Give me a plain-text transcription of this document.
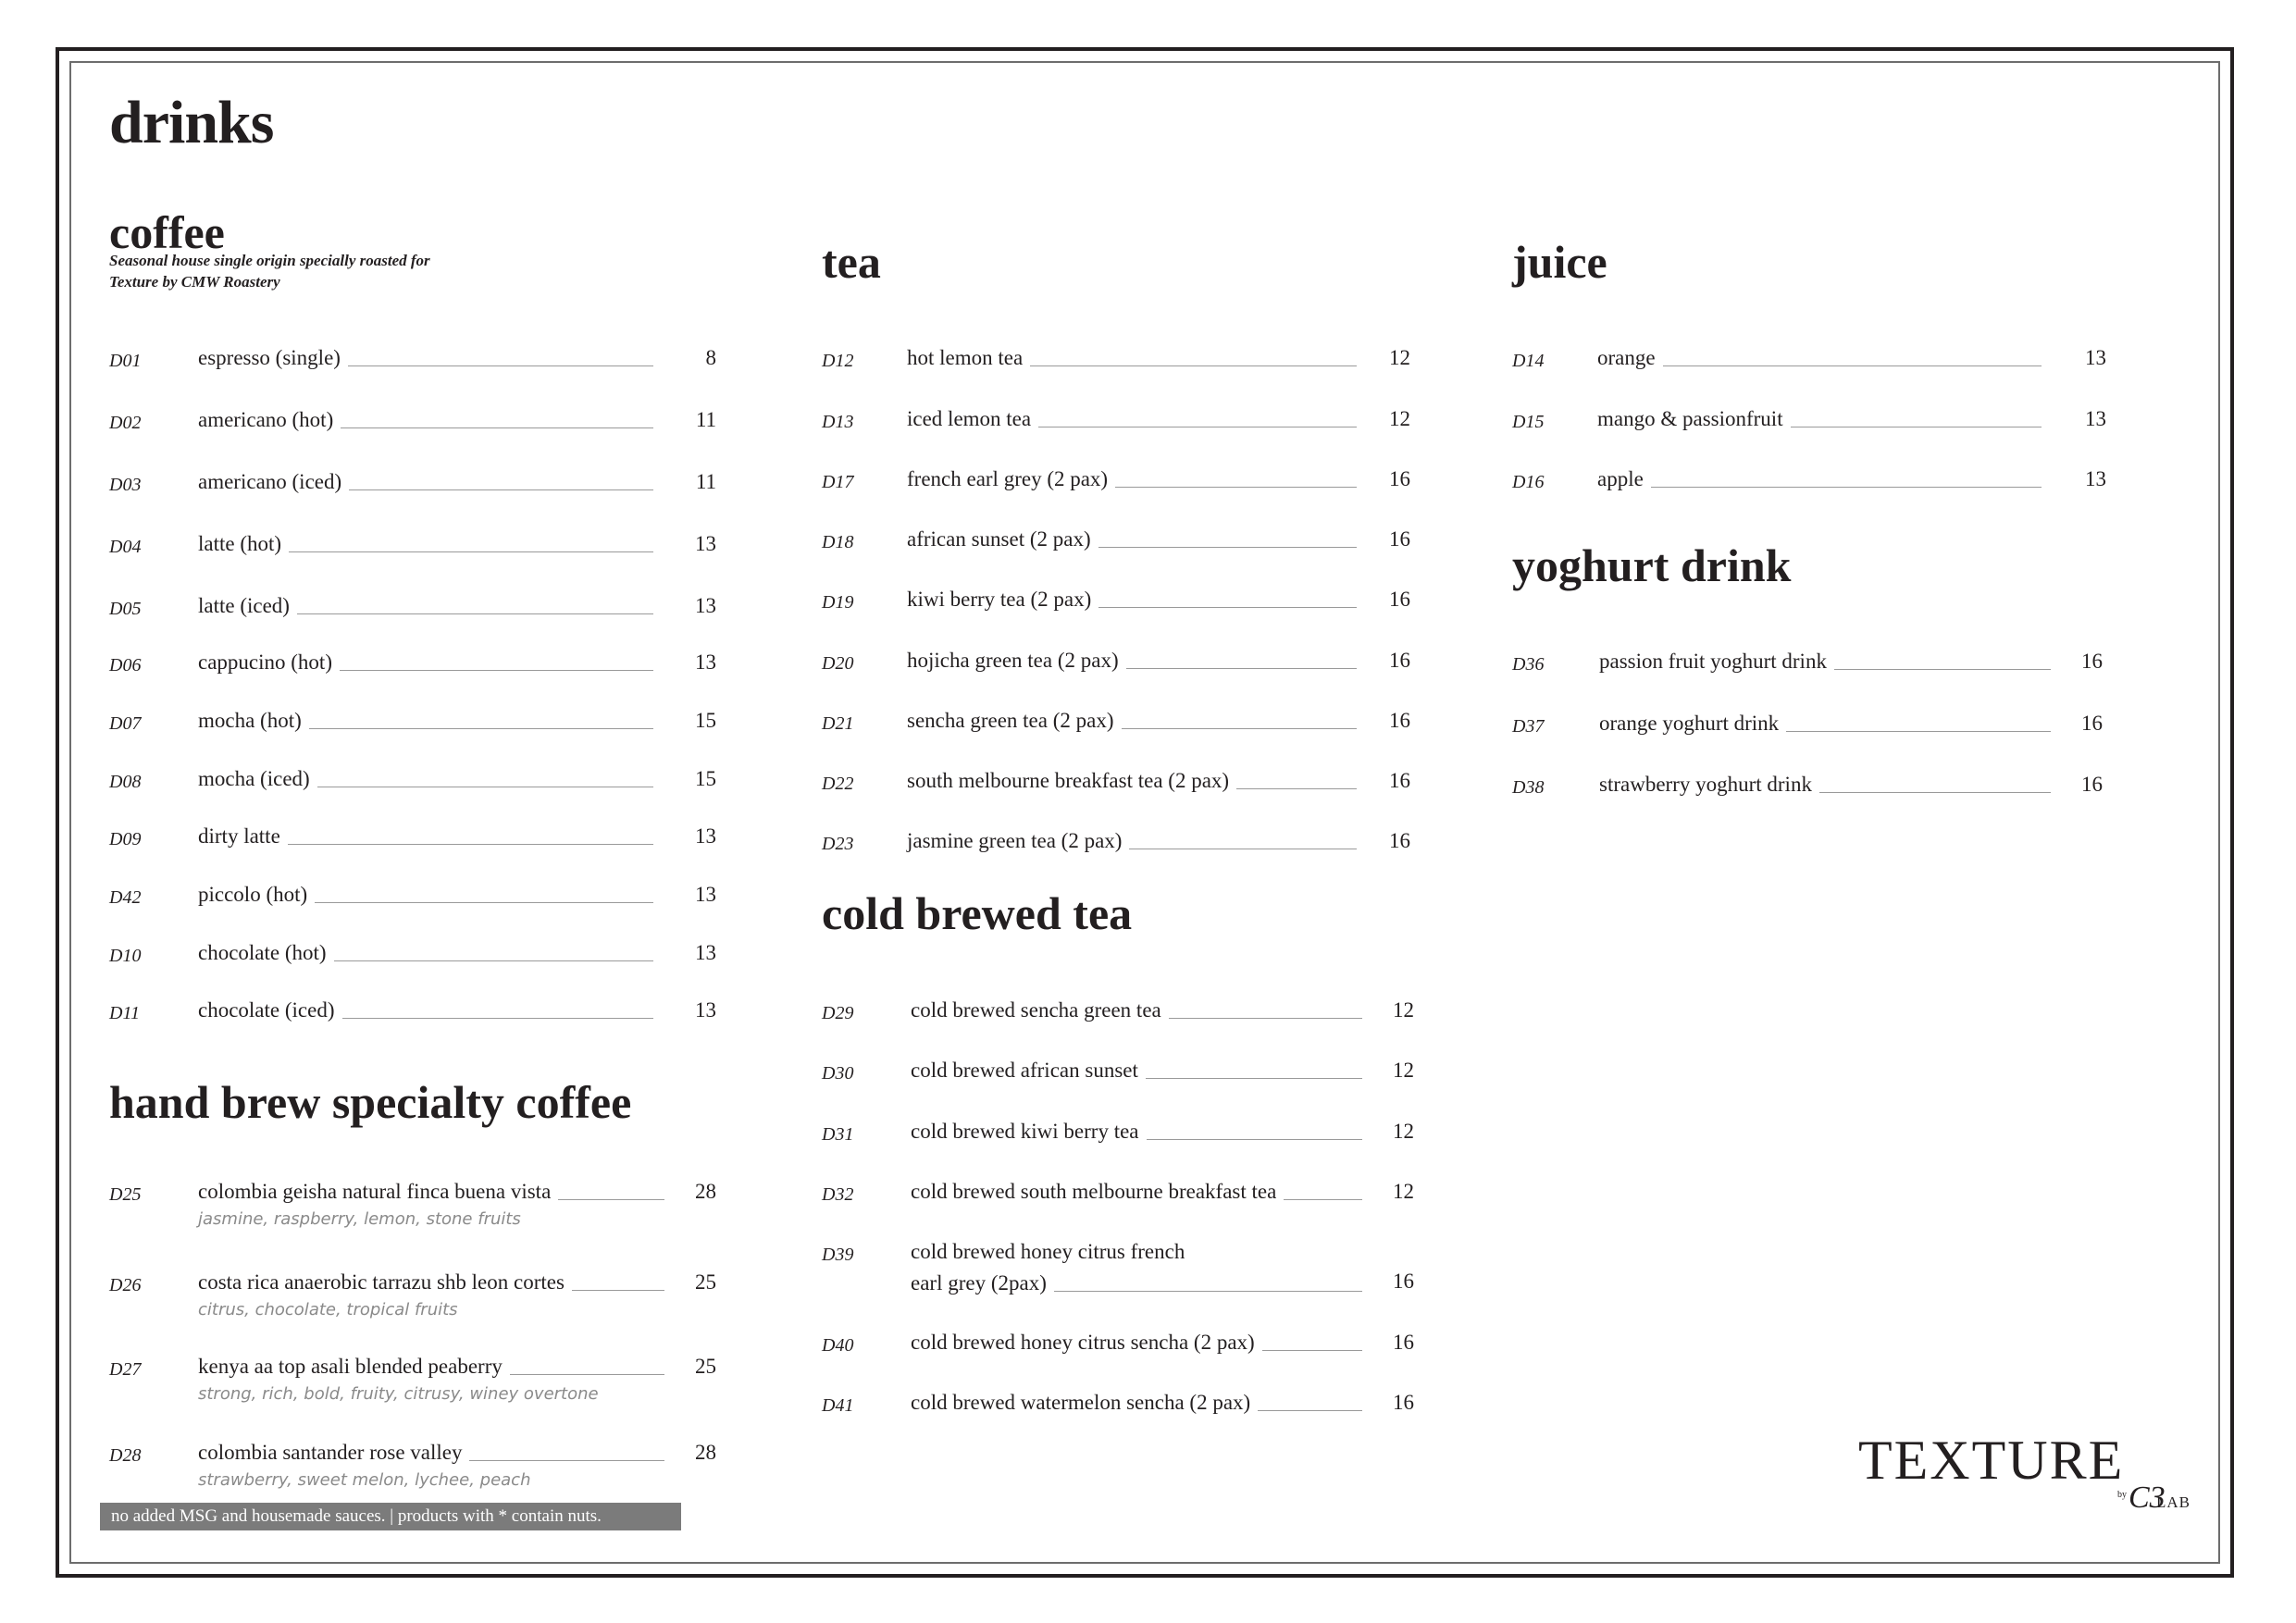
drinks
coffee
Seasonal house single origin specially roasted for
Texture by CMW Roastery
D01	espresso (single)	8
D02	americano (hot)	11
D03	americano (iced)	11
D04	latte (hot)	13
D05	latte (iced)	13
D06	cappucino (hot)	13
D07	mocha (hot)	15
D08	mocha (iced)	15
D09	dirty latte	13
D42	piccolo (hot)	13
D10	chocolate (hot)	13
D11	chocolate (iced)	13
hand brew specialty coffee
D25	colombia geisha natural finca buena vista	28
jasmine, raspberry, lemon, stone fruits
D26	costa rica anaerobic tarrazu shb leon cortes	25
citrus, chocolate, tropical fruits
D27	kenya aa top asali blended peaberry	25
strong, rich, bold, fruity, citrusy, winey overtone
D28	colombia santander rose valley	28
strawberry, sweet melon, lychee, peach
tea
D12	hot lemon tea	12
D13	iced lemon tea	12
D17	french earl grey (2 pax)	16
D18	african sunset (2 pax)	16
D19	kiwi berry tea (2 pax)	16
D20	hojicha green tea (2 pax)	16
D21	sencha green tea (2 pax)	16
D22	south melbourne breakfast tea (2 pax)	16
D23	jasmine green tea (2 pax)	16
cold brewed tea
D29	cold brewed sencha green tea	12
D30	cold brewed african sunset	12
D31	cold brewed kiwi berry tea	12
D32	cold brewed south melbourne breakfast tea	12
D39	cold brewed honey citrus french
earl grey (2pax)	16
D40	cold brewed honey citrus sencha (2 pax)	16
D41	cold brewed watermelon sencha (2 pax)	16
juice
D14	orange	13
D15	mango & passionfruit	13
D16	apple	13
yoghurt drink
D36	passion fruit yoghurt drink	16
D37	orange yoghurt drink	16
D38	strawberry yoghurt drink	16
no added MSG and housemade sauces. | products with * contain nuts.
TEXTURE
by C3
LAB
